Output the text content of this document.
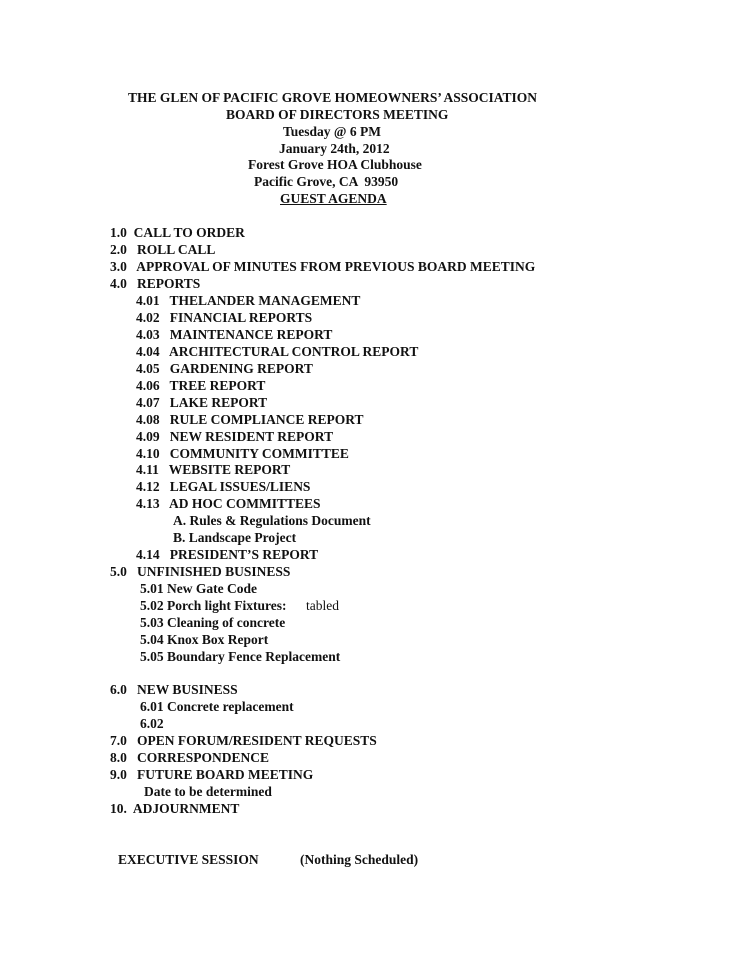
THE GLEN OF PACIFIC GROVE HOMEOWNERS’ ASSOCIATION
BOARD OF DIRECTORS MEETING
Tuesday @ 6 PM
January 24th, 2012
Forest Grove HOA Clubhouse
Pacific Grove, CA  93950
GUEST AGENDA
1.0  CALL TO ORDER
2.0   ROLL CALL
3.0   APPROVAL OF MINUTES FROM PREVIOUS BOARD MEETING
4.0   REPORTS
4.01   THELANDER MANAGEMENT
4.02   FINANCIAL REPORTS
4.03   MAINTENANCE REPORT
4.04   ARCHITECTURAL CONTROL REPORT
4.05   GARDENING REPORT
4.06   TREE REPORT
4.07   LAKE REPORT
4.08   RULE COMPLIANCE REPORT
4.09   NEW RESIDENT REPORT
4.10   COMMUNITY COMMITTEE
4.11   WEBSITE REPORT
4.12   LEGAL ISSUES/LIENS
4.13   AD HOC COMMITTEES
A. Rules & Regulations Document
B. Landscape Project
4.14   PRESIDENT’S REPORT
5.0   UNFINISHED BUSINESS
5.01 New Gate Code
5.02 Porch light Fixtures: tabled
5.03 Cleaning of concrete
5.04 Knox Box Report
5.05 Boundary Fence Replacement
6.0   NEW BUSINESS
6.01 Concrete replacement
6.02
7.0   OPEN FORUM/RESIDENT REQUESTS
8.0   CORRESPONDENCE
9.0   FUTURE BOARD MEETING
Date to be determined
10.  ADJOURNMENT
EXECUTIVE SESSION	(Nothing Scheduled)
